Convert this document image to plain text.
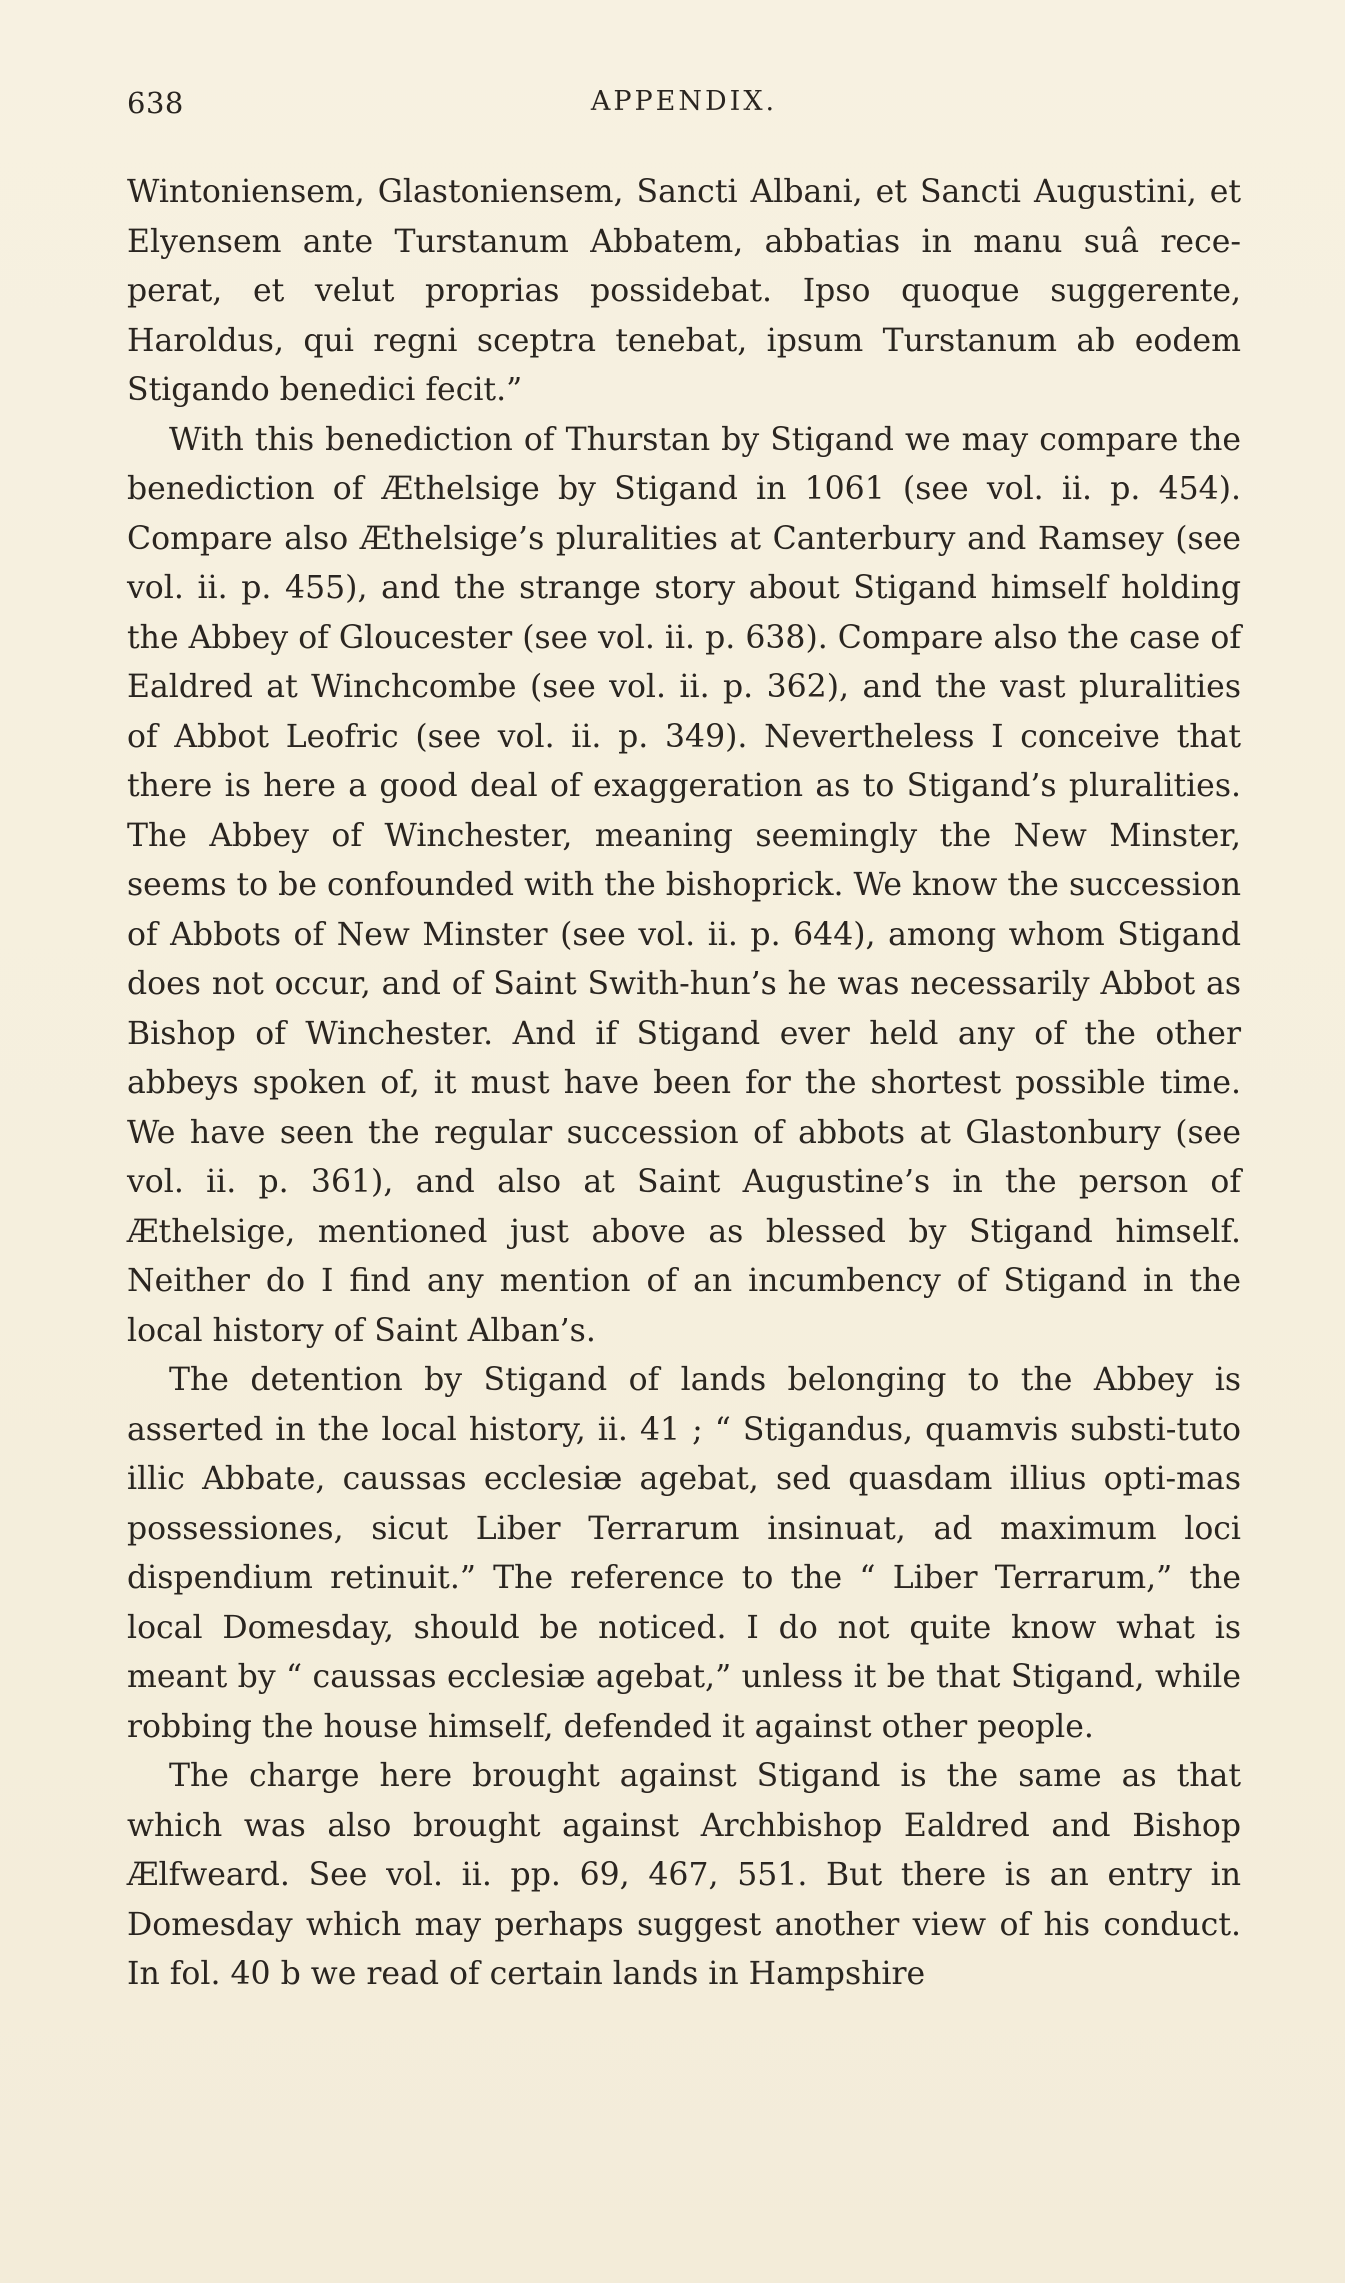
638	APPENDIX.

Wintoniensem, Glastoniensem, Sancti Albani, et Sancti Augustini, et Elyensem ante Turstanum Abbatem, abbatias in manu suâ rece-perat, et velut proprias possidebat. Ipso quoque suggerente, Haroldus, qui regni sceptra tenebat, ipsum Turstanum ab eodem Stigando benedici fecit.”

With this benediction of Thurstan by Stigand we may compare the benediction of Æthelsige by Stigand in 1061 (see vol. ii. p. 454). Compare also Æthelsige’s pluralities at Canterbury and Ramsey (see vol. ii. p. 455), and the strange story about Stigand himself holding the Abbey of Gloucester (see vol. ii. p. 638). Compare also the case of Ealdred at Winchcombe (see vol. ii. p. 362), and the vast pluralities of Abbot Leofric (see vol. ii. p. 349). Nevertheless I conceive that there is here a good deal of exaggeration as to Stigand’s pluralities. The Abbey of Winchester, meaning seemingly the New Minster, seems to be confounded with the bishoprick. We know the succession of Abbots of New Minster (see vol. ii. p. 644), among whom Stigand does not occur, and of Saint Swith-hun’s he was necessarily Abbot as Bishop of Winchester. And if Stigand ever held any of the other abbeys spoken of, it must have been for the shortest possible time. We have seen the regular succession of abbots at Glastonbury (see vol. ii. p. 361), and also at Saint Augustine’s in the person of Æthelsige, mentioned just above as blessed by Stigand himself. Neither do I find any mention of an incumbency of Stigand in the local history of Saint Alban’s.

The detention by Stigand of lands belonging to the Abbey is asserted in the local history, ii. 41 ; “ Stigandus, quamvis substi-tuto illic Abbate, caussas ecclesiæ agebat, sed quasdam illius opti-mas possessiones, sicut Liber Terrarum insinuat, ad maximum loci dispendium retinuit.” The reference to the “ Liber Terrarum,” the local Domesday, should be noticed. I do not quite know what is meant by “ caussas ecclesiæ agebat,” unless it be that Stigand, while robbing the house himself, defended it against other people.

The charge here brought against Stigand is the same as that which was also brought against Archbishop Ealdred and Bishop Ælfweard. See vol. ii. pp. 69, 467, 551. But there is an entry in Domesday which may perhaps suggest another view of his conduct. In fol. 40 b we read of certain lands in Hampshire
